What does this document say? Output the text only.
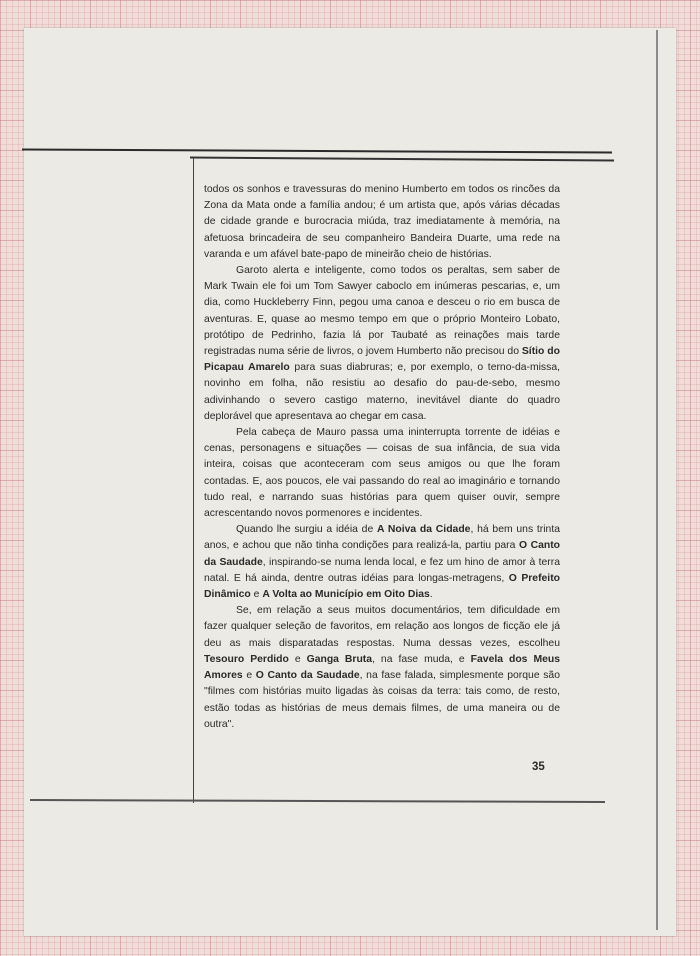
todos os sonhos e travessuras do menino Humberto em todos os rincões da Zona da Mata onde a família andou; é um artista que, após várias décadas de cidade grande e burocracia miúda, traz imediatamente à memória, na afetuosa brincadeira de seu companheiro Bandeira Duarte, uma rede na varanda e um afável bate-papo de mineirão cheio de histórias.

Garoto alerta e inteligente, como todos os peraltas, sem saber de Mark Twain ele foi um Tom Sawyer caboclo em inúmeras pescarias, e, um dia, como Huckleberry Finn, pegou uma canoa e desceu o rio em busca de aventuras. E, quase ao mesmo tempo em que o próprio Monteiro Lobato, protótipo de Pedrinho, fazia lá por Taubaté as reinações mais tarde registradas numa série de livros, o jovem Humberto não precisou do Sítio do Picapau Amarelo para suas diabruras; e, por exemplo, o terno-da-missa, novinho em folha, não resistiu ao desafio do pau-de-sebo, mesmo adivinhando o severo castigo materno, inevitável diante do quadro deplorável que apresentava ao chegar em casa.

Pela cabeça de Mauro passa uma ininterrupta torrente de idéias e cenas, personagens e situações — coisas de sua infância, de sua vida inteira, coisas que aconteceram com seus amigos ou que lhe foram contadas. E, aos poucos, ele vai passando do real ao imaginário e tornando tudo real, e narrando suas histórias para quem quiser ouvir, sempre acrescentando novos pormenores e incidentes.

Quando lhe surgiu a idéia de A Noiva da Cidade, há bem uns trinta anos, e achou que não tinha condições para realizá-la, partiu para O Canto da Saudade, inspirando-se numa lenda local, e fez um hino de amor à terra natal. E há ainda, dentre outras idéias para longas-metragens, O Prefeito Dinâmico e A Volta ao Município em Oito Dias.

Se, em relação a seus muitos documentários, tem dificuldade em fazer qualquer seleção de favoritos, em relação aos longos de ficção ele já deu as mais disparatadas respostas. Numa dessas vezes, escolheu Tesouro Perdido e Ganga Bruta, na fase muda, e Favela dos Meus Amores e O Canto da Saudade, na fase falada, simplesmente porque são "filmes com histórias muito ligadas às coisas da terra: tais como, de resto, estão todas as histórias de meus demais filmes, de uma maneira ou de outra".

35
